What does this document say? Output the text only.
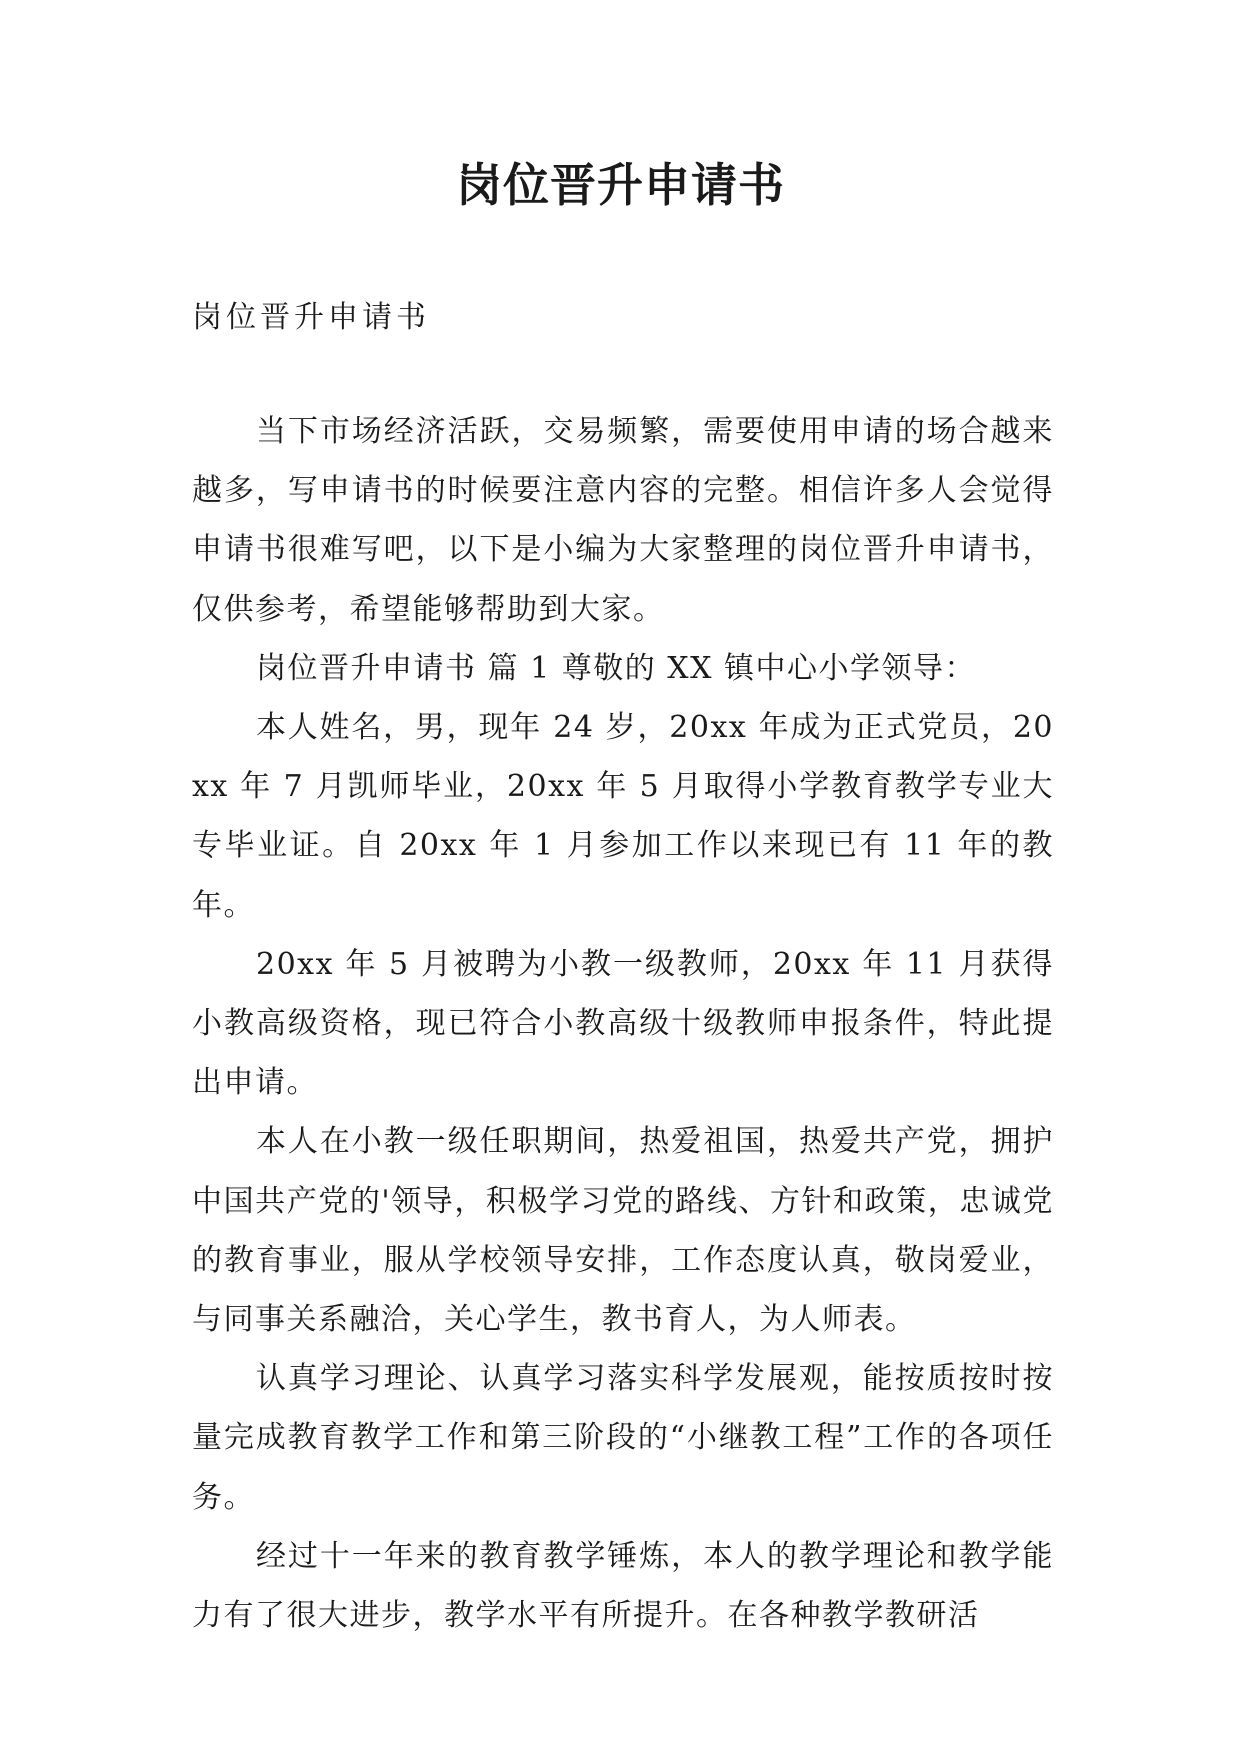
岗位晋升申请书

岗位晋升申请书

当下市场经济活跃，交易频繁，需要使用申请的场合越来越多，写申请书的时候要注意内容的完整。相信许多人会觉得申请书很难写吧，以下是小编为大家整理的岗位晋升申请书，仅供参考，希望能够帮助到大家。

岗位晋升申请书 篇 1 尊敬的 XX 镇中心小学领导：

本人姓名，男，现年 24 岁，20xx 年成为正式党员，20xx 年 7 月凯师毕业，20xx 年 5 月取得小学教育教学专业大专毕业证。自 20xx 年 1 月参加工作以来现已有 11 年的教年。

20xx 年 5 月被聘为小教一级教师，20xx 年 11 月获得小教高级资格，现已符合小教高级十级教师申报条件，特此提出申请。

本人在小教一级任职期间，热爱祖国，热爱共产党，拥护中国共产党的'领导，积极学习党的路线、方针和政策，忠诚党的教育事业，服从学校领导安排，工作态度认真，敬岗爱业，与同事关系融洽，关心学生，教书育人，为人师表。

认真学习理论、认真学习落实科学发展观，能按质按时按量完成教育教学工作和第三阶段的“小继教工程”工作的各项任务。

经过十一年来的教育教学锤炼，本人的教学理论和教学能力有了很大进步，教学水平有所提升。在各种教学教研活
